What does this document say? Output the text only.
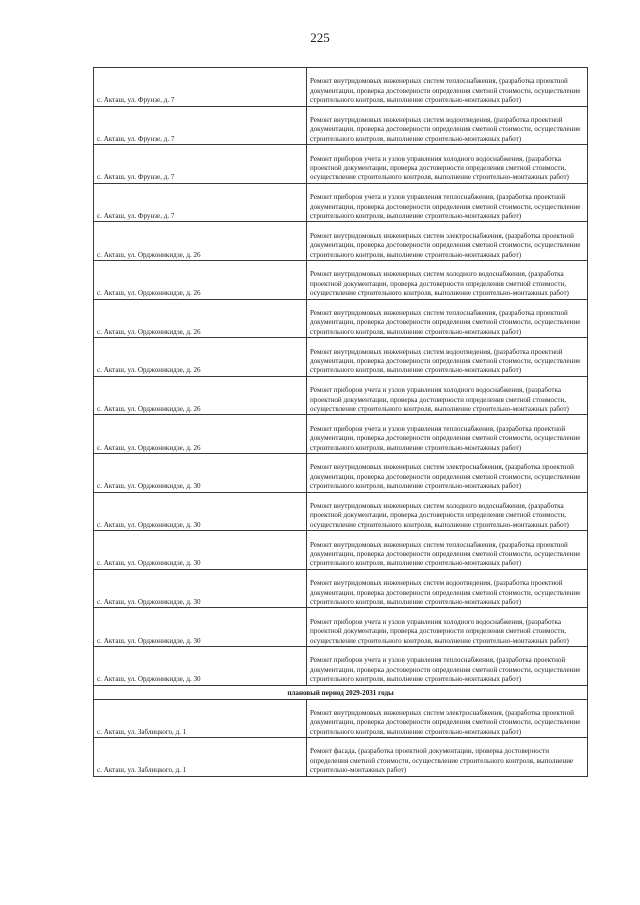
225
с. Акташ, ул. Фрунзе, д. 7	Ремонт внутридомовых инженерных систем теплоснабжения, (разработка проектной документации, проверка достоверности определения сметной стоимости, осуществление строительного контроля, выполнение строительно-монтажных работ)
с. Акташ, ул. Фрунзе, д. 7	Ремонт внутридомовых инженерных систем водоотведения, (разработка проектной документации, проверка достоверности определения сметной стоимости, осуществление строительного контроля, выполнение строительно-монтажных работ)
с. Акташ, ул. Фрунзе, д. 7	Ремонт приборов учета и узлов управления холодного водоснабжения, (разработка проектной документации, проверка достоверности определения сметной стоимости, осуществление строительного контроля, выполнение строительно-монтажных работ)
с. Акташ, ул. Фрунзе, д. 7	Ремонт приборов учета и узлов управления теплоснабжения, (разработка проектной документации, проверка достоверности определения сметной стоимости, осуществление строительного контроля, выполнение строительно-монтажных работ)
с. Акташ, ул. Орджоникидзе, д. 26	Ремонт внутридомовых инженерных систем электроснабжения, (разработка проектной документации, проверка достоверности определения сметной стоимости, осуществление строительного контроля, выполнение строительно-монтажных работ)
с. Акташ, ул. Орджоникидзе, д. 26	Ремонт внутридомовых инженерных систем холодного водоснабжения, (разработка проектной документации, проверка достоверности определения сметной стоимости, осуществление строительного контроля, выполнение строительно-монтажных работ)
с. Акташ, ул. Орджоникидзе, д. 26	Ремонт внутридомовых инженерных систем теплоснабжения, (разработка проектной документации, проверка достоверности определения сметной стоимости, осуществление строительного контроля, выполнение строительно-монтажных работ)
с. Акташ, ул. Орджоникидзе, д. 26	Ремонт внутридомовых инженерных систем водоотведения, (разработка проектной документации, проверка достоверности определения сметной стоимости, осуществление строительного контроля, выполнение строительно-монтажных работ)
с. Акташ, ул. Орджоникидзе, д. 26	Ремонт приборов учета и узлов управления холодного водоснабжения, (разработка проектной документации, проверка достоверности определения сметной стоимости, осуществление строительного контроля, выполнение строительно-монтажных работ)
с. Акташ, ул. Орджоникидзе, д. 26	Ремонт приборов учета и узлов управления теплоснабжения, (разработка проектной документации, проверка достоверности определения сметной стоимости, осуществление строительного контроля, выполнение строительно-монтажных работ)
с. Акташ, ул. Орджоникидзе, д. 30	Ремонт внутридомовых инженерных систем электроснабжения, (разработка проектной документации, проверка достоверности определения сметной стоимости, осуществление строительного контроля, выполнение строительно-монтажных работ)
с. Акташ, ул. Орджоникидзе, д. 30	Ремонт внутридомовых инженерных систем холодного водоснабжения, (разработка проектной документации, проверка достоверности определения сметной стоимости, осуществление строительного контроля, выполнение строительно-монтажных работ)
с. Акташ, ул. Орджоникидзе, д. 30	Ремонт внутридомовых инженерных систем теплоснабжения, (разработка проектной документации, проверка достоверности определения сметной стоимости, осуществление строительного контроля, выполнение строительно-монтажных работ)
с. Акташ, ул. Орджоникидзе, д. 30	Ремонт внутридомовых инженерных систем водоотведения, (разработка проектной документации, проверка достоверности определения сметной стоимости, осуществление строительного контроля, выполнение строительно-монтажных работ)
с. Акташ, ул. Орджоникидзе, д. 30	Ремонт приборов учета и узлов управления холодного водоснабжения, (разработка проектной документации, проверка достоверности определения сметной стоимости, осуществление строительного контроля, выполнение строительно-монтажных работ)
с. Акташ, ул. Орджоникидзе, д. 30	Ремонт приборов учета и узлов управления теплоснабжения, (разработка проектной документации, проверка достоверности определения сметной стоимости, осуществление строительного контроля, выполнение строительно-монтажных работ)
плановый период 2029-2031 годы	
с. Акташ, ул. Заблицкого, д. 1	Ремонт внутридомовых инженерных систем электроснабжения, (разработка проектной документации, проверка достоверности определения сметной стоимости, осуществление строительного контроля, выполнение строительно-монтажных работ)
с. Акташ, ул. Заблицкого, д. 1	Ремонт фасада, (разработка проектной документации, проверка достоверности определения сметной стоимости, осуществление строительного контроля, выполнение строительно-монтажных работ)
